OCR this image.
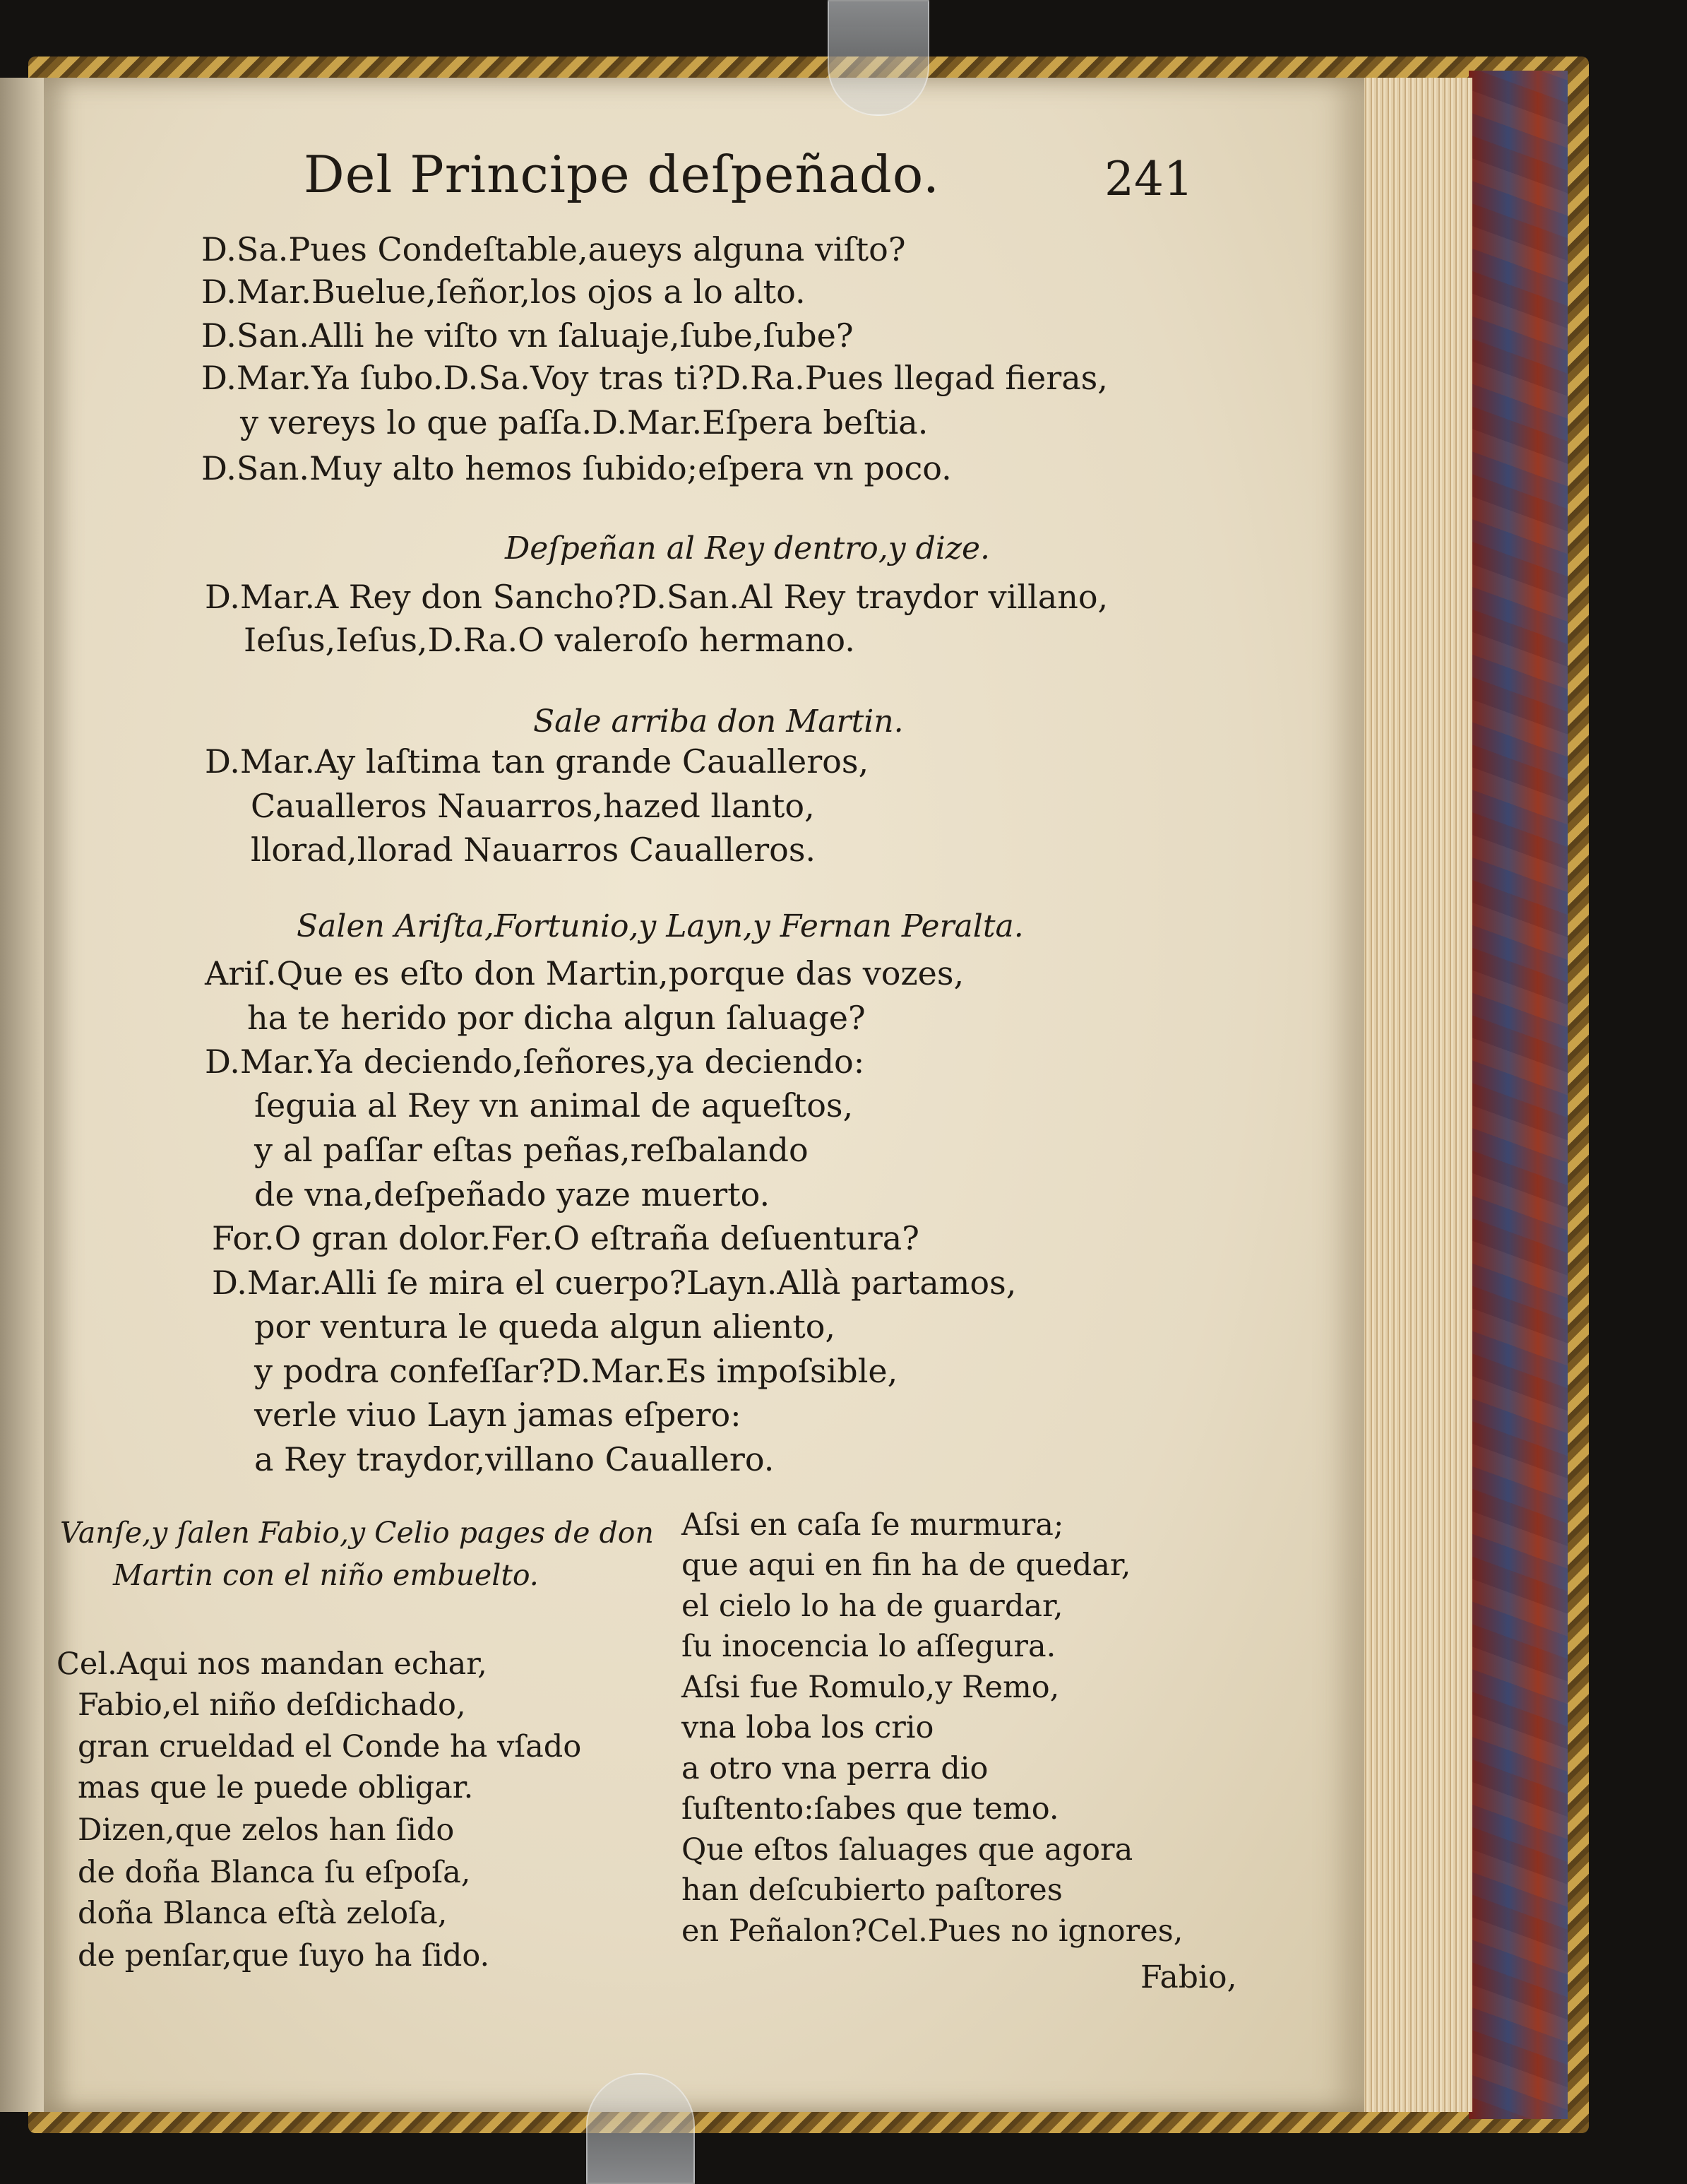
Del Principe deſpeñado.	241
D.Sa.Pues Condeſtable,aueys alguna viſto?
D.Mar.Buelue,ſeñor,los ojos a lo alto.
D.San.Alli he viſto vn ſaluaje,ſube,ſube?
D.Mar.Ya ſubo.D.Sa.Voy tras ti?D.Ra.Pues llegad fieras,
y vereys lo que paſſa.D.Mar.Eſpera beſtia.
D.San.Muy alto hemos ſubido;eſpera vn poco.
Deſpeñan al Rey dentro,y dize.
D.Mar.A Rey don Sancho?D.San.Al Rey traydor villano,
Ieſus,Ieſus,D.Ra.O valeroſo hermano.
Sale arriba don Martin.
D.Mar.Ay laſtima tan grande Caualleros,
Caualleros Nauarros,hazed llanto,
llorad,llorad Nauarros Caualleros.
Salen Ariſta,Fortunio,y Layn,y Fernan Peralta.
Ariſ.Que es eſto don Martin,porque das vozes,
ha te herido por dicha algun ſaluage?
D.Mar.Ya deciendo,ſeñores,ya deciendo:
ſeguia al Rey vn animal de aqueſtos,
y al paſſar eſtas peñas,reſbalando
de vna,deſpeñado yaze muerto.
For.O gran dolor.Fer.O eſtraña deſuentura?
D.Mar.Alli ſe mira el cuerpo?Layn.Allà partamos,
por ventura le queda algun aliento,
y podra confeſſar?D.Mar.Es impoſsible,
verle viuo Layn jamas eſpero:
a Rey traydor,villano Cauallero.
Vanſe,y ſalen Fabio,y Celio pages de don
Martin con el niño embuelto.
Cel.Aqui nos mandan echar,
Fabio,el niño deſdichado,
gran crueldad el Conde ha vſado
mas que le puede obligar.
Dizen,que zelos han ſido
de doña Blanca ſu eſpoſa,
doña Blanca eſtà zeloſa,
de penſar,que ſuyo ha ſido.
Aſsi en caſa ſe murmura;
que aqui en fin ha de quedar,
el cielo lo ha de guardar,
ſu inocencia lo aſſegura.
Aſsi fue Romulo,y Remo,
vna loba los crio
a otro vna perra dio
ſuſtento:ſabes que temo.
Que eſtos ſaluages que agora
han deſcubierto paſtores
en Peñalon?Cel.Pues no ignores,
Fabio,
